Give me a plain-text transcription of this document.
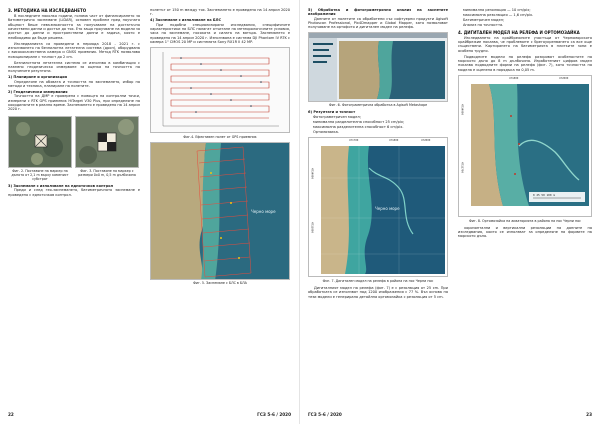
3. МЕТОДИКА НА ИЗСЛЕДВАНЕТО
В последните няколко години, голяма част от финансирането за батиметрично заснемане (LiDAR), основен проблем пред научната общност беше невъзможността за получаване на достатъчно качествени данни и достъп до тях. Ето защо проучване на модели за достъп до данни и пространствени данни е задача, която е необходимо да бъде решена.
Изследванията са проведени в периода 2018 - 2021 г. с използването на безпилотна летателна система (дрон), оборудвана с висококачествена камера и GNSS приемник. Метод RTK позволява позициониране с точност до 2 cm.
Безпилотната летателна система се използва в комбинация с наземно геодезическо измерване за оценка на точността на получените резултати.
1) Планиране и организация
Определяне на обхвата и точността на заснемането, избор на методи и техника, планиране на полетите.
2) Геодезически измервания
Точността на ДМР е проверена с помощта на контролни точки, измерени с RTK GPS приемник HiTarget V30 Plus, при определяне на координатите в реално време. Заснемането е проведено на 14 април 2020 г.
Фиг. 2. Поставяне на маркер на дъното от 2,1 m върху каменист субстрат
Фиг. 3. Поставяне на маркер с размери 0х0 m, 0,5 m дълбочина
3) Заснемане с използване на едноточков контрол
Преди и след гео-заснемането, батиметричното заснемане е проведено с едноточков контрол.
полетът от 150 m между тях. Заснемането е проведено на 14 април 2020 г.
4) Заснемане с използване на БЛС
При подобни специализирани изследвания, специфичните характеристики на БЛС налагат отчитане на метеорологичните условия, часа на заснемане, посоката и силата на вятъра. Заснемането е проведено на 14 април 2020 г. Използвана е система DJI Phantom IV RTK с камера 1" CMOS 20 MP и системата Sony RX1R II 42 MP.
Фиг.4. Ефективен полет от GPS приемник
Черно море
Фиг. 5. Заснемане с БЛС в БЛА
22	ГСЗ 5-6 / 2020
5) Обработка и фотограметрично анализ на заснетите изображения
Данните от полетите са обработени със софтуерни продукти Agisoft Photoscan Professional, Pix4Dmapper и Global Mapper, като позволяват получаване на ортофото и дигитален модел на релефа.
Фиг. 6. Фотограметрична обработка в Agisoft Metashape
6) Резултати и точност
Фотограметричен модел;
минимална разделителна способност 25 cm/pix;
максимална разделителна способност 6 cm/pix.
Ортомозаика.
Черно море
471700	471800	472000
4734000
4733800
Фиг. 7. Дигитален модел на релефа в района на нос Черни нос
Дигиталният модел на релефа (фиг. 7) е с резолюция от 25 cm. При обработката се използват над 1200 изображения с 77 %. Въз основа на тези модели е генерирана детайлна ортомозайка с резолюция от 5 cm.
минимална резолюция — 10 cm/pix;
максимална резолюция — 1,6 cm/pix.
Батиметричен модел;
Анализ на точността.
4. ДИГИТАЛЕН МОДЕЛ НА РЕЛЕФА И ОРТОМОЗАЙКА
Изследването на крайбрежните участъци от Черноморското крайбрежие показва, че проблемите с брегоукрепването са все още съществени. Картирането на батиметрията в плитките зони е особено трудно.
Подводните модели на релефа разкриват особеностите на морското дъно до 8 m дълбочина. Изработеният цифров модел показва подводните форми на релефа (фиг. 7), като точността на модела е оценена в порядъка на 0,05 m.
0 25 50 100 m
471800	472000
4734000
4733700
Фиг. 8. Ортомозайка на акваторията в района на нос Черни нос
хоризонтални и вертикални резолюции на данните на изследвания, които се използват за определяне на формите на морското дъно.
ГСЗ 5-6 / 2020	23
